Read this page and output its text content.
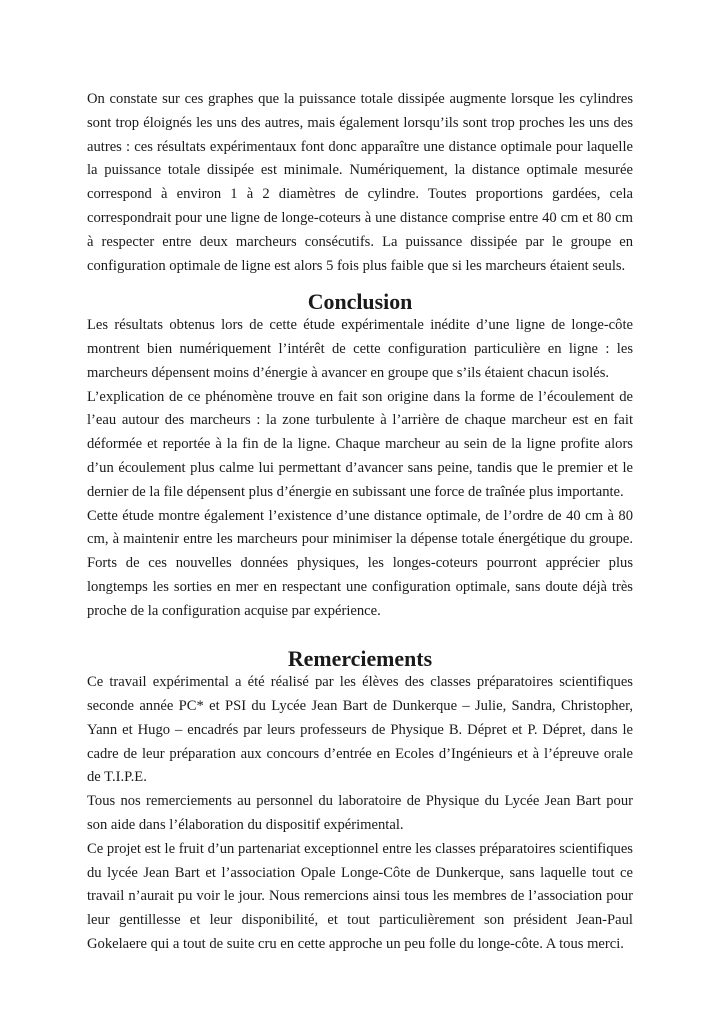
On constate sur ces graphes que la puissance totale dissipée augmente lorsque les cylindres sont trop éloignés les uns des autres, mais également lorsqu’ils sont trop proches les uns des autres : ces résultats expérimentaux font donc apparaître une distance optimale pour laquelle la puissance totale dissipée est minimale. Numériquement, la distance optimale mesurée correspond à environ 1 à 2 diamètres de cylindre. Toutes proportions gardées, cela correspondrait pour une ligne de longe-coteurs à une distance comprise entre 40 cm et 80 cm à respecter entre deux marcheurs consécutifs. La puissance dissipée par le groupe en configuration optimale de ligne est alors 5 fois plus faible que si les marcheurs étaient seuls.

Conclusion

Les résultats obtenus lors de cette étude expérimentale inédite d’une ligne de longe-côte montrent bien numériquement l’intérêt de cette configuration particulière en ligne : les marcheurs dépensent moins d’énergie à avancer en groupe que s’ils étaient chacun isolés.

L’explication de ce phénomène trouve en fait son origine dans la forme de l’écoulement de l’eau autour des marcheurs : la zone turbulente à l’arrière de chaque marcheur est en fait déformée et reportée à la fin de la ligne. Chaque marcheur au sein de la ligne profite alors d’un écoulement plus calme lui permettant d’avancer sans peine, tandis que le premier et le dernier de la file dépensent plus d’énergie en subissant une force de traînée plus importante.

Cette étude montre également l’existence d’une distance optimale, de l’ordre de 40 cm à 80 cm, à maintenir entre les marcheurs pour minimiser la dépense totale énergétique du groupe. Forts de ces nouvelles données physiques, les longes-coteurs pourront apprécier plus longtemps les sorties en mer en respectant une configuration optimale, sans doute déjà très proche de la configuration acquise par expérience.

Remerciements

Ce travail expérimental a été réalisé par les élèves des classes préparatoires scientifiques seconde année PC* et PSI du Lycée Jean Bart de Dunkerque – Julie, Sandra, Christopher, Yann et Hugo – encadrés par leurs professeurs de Physique B. Dépret et P. Dépret, dans le cadre de leur préparation aux concours d’entrée en Ecoles d’Ingénieurs et à l’épreuve orale de T.I.P.E.

Tous nos remerciements au personnel du laboratoire de Physique du Lycée Jean Bart pour son aide dans l’élaboration du dispositif expérimental.

Ce projet est le fruit d’un partenariat exceptionnel entre les classes préparatoires scientifiques du lycée Jean Bart et l’association Opale Longe-Côte de Dunkerque, sans laquelle tout ce travail n’aurait pu voir le jour. Nous remercions ainsi tous les membres de l’association pour leur gentillesse et leur disponibilité, et tout particulièrement son président Jean-Paul Gokelaere qui a tout de suite cru en cette approche un peu folle du longe-côte. A tous merci.
